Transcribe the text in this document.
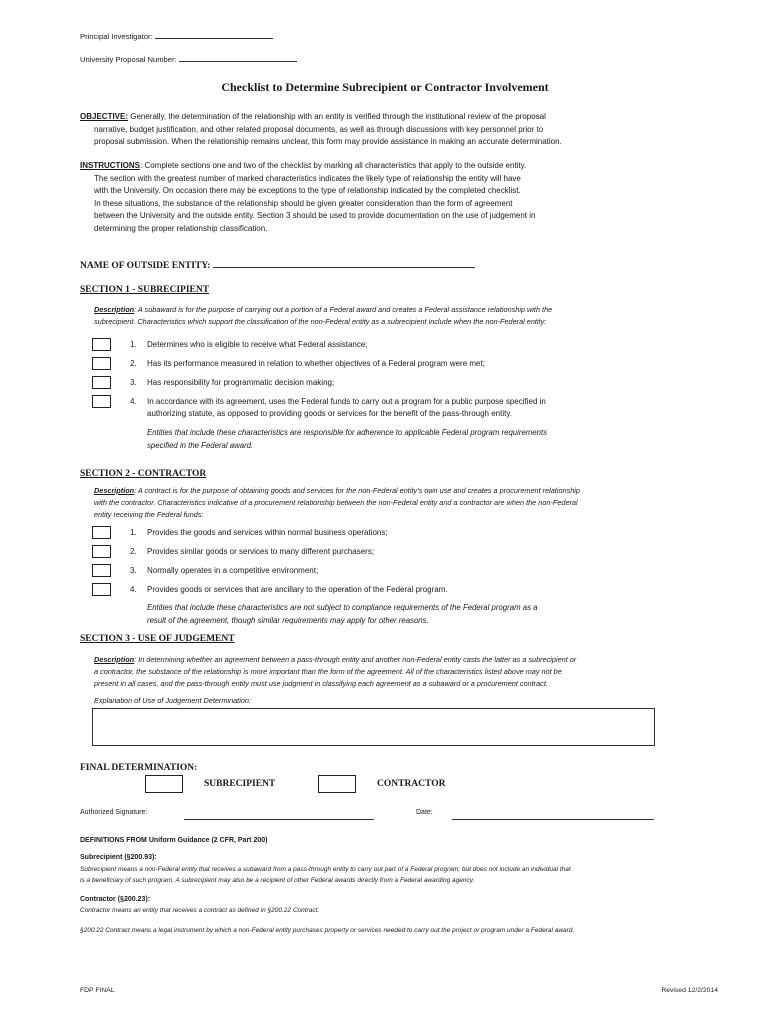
Principal Investigator:
University Proposal Number:
Checklist to Determine Subrecipient or Contractor Involvement
OBJECTIVE: Generally, the determination of the relationship with an entity is verified through the institutional review of the proposal
narrative, budget justification, and other related proposal documents, as well as through discussions with key personnel prior to
proposal submission. When the relationship remains unclear, this form may provide assistance in making an accurate determination.
INSTRUCTIONS: Complete sections one and two of the checklist by marking all characteristics that apply to the outside entity.
The section with the greatest number of marked characteristics indicates the likely type of relationship the entity will have
with the University. On occasion there may be exceptions to the type of relationship indicated by the completed checklist.
In these situations, the substance of the relationship should be given greater consideration than the form of agreement
between the University and the outside entity. Section 3 should be used to provide documentation on the use of judgement in
determining the proper relationship classification.
NAME OF OUTSIDE ENTITY:
SECTION 1 - SUBRECIPIENT
Description: A subaward is for the purpose of carrying out a portion of a Federal award and creates a Federal assistance relationship with the
subrecipient. Characteristics which support the classification of the non-Federal entity as a subrecipient include when the non-Federal entity:
1. Determines who is eligible to receive what Federal assistance;
2. Has its performance measured in relation to whether objectives of a Federal program were met;
3. Has responsibility for programmatic decision making;
4. In accordance with its agreement, uses the Federal funds to carry out a program for a public purpose specified in
authorizing statute, as opposed to providing goods or services for the benefit of the pass-through entity.
Entities that include these characteristics are responsible for adherence to applicable Federal program requirements
specified in the Federal award.
SECTION 2 - CONTRACTOR
Description: A contract is for the purpose of obtaining goods and services for the non-Federal entity's own use and creates a procurement relationship
with the contractor. Characteristics indicative of a procurement relationship between the non-Federal entity and a contractor are when the non-Federal
entity receiving the Federal funds:
1. Provides the goods and services within normal business operations;
2. Provides similar goods or services to many different purchasers;
3. Normally operates in a competitive environment;
4. Provides goods or services that are ancillary to the operation of the Federal program.
Entities that include these characteristics are not subject to compliance requirements of the Federal program as a
result of the agreement, though similar requirements may apply for other reasons.
SECTION 3 - USE OF JUDGEMENT
Description: In determining whether an agreement between a pass-through entity and another non-Federal entity casts the latter as a subrecipient or
a contractor, the substance of the relationship is more important than the form of the agreement. All of the characteristics listed above may not be
present in all cases, and the pass-through entity must use judgment in classifying each agreement as a subaward or a procurement contract.
Explanation of Use of Judgement Determination:
FINAL DETERMINATION:
SUBRECIPIENT	CONTRACTOR
Authorized Signature:	Date:
DEFINITIONS FROM Uniform Guidance (2 CFR, Part 200)
Subrecipient (§200.93):
Subrecipient means a non-Federal entity that receives a subaward from a pass-through entity to carry out part of a Federal program; but does not include an individual that
is a beneficiary of such program. A subrecipient may also be a recipient of other Federal awards directly from a Federal awarding agency.
Contractor (§200.23):
Contractor means an entity that receives a contract as defined in §200.22 Contract.
§200.22 Contract means a legal instrument by which a non-Federal entity purchases property or services needed to carry out the project or program under a Federal award.
FDP FINAL	Revised 12/2/2014
